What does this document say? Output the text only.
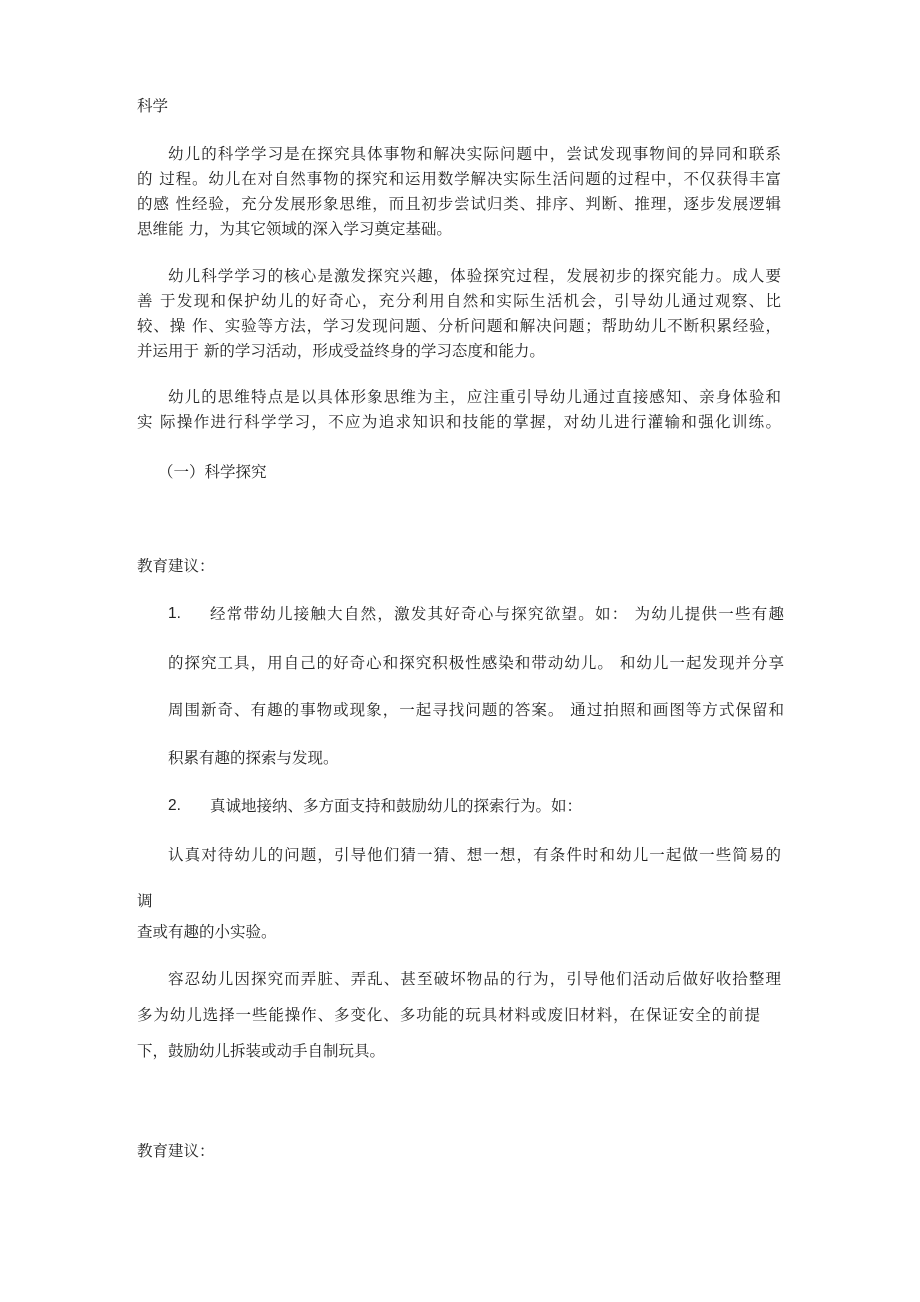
科学
幼儿的科学学习是在探究具体事物和解决实际问题中，尝试发现事物间的异同和联系
的 过程。幼儿在对自然事物的探究和运用数学解决实际生活问题的过程中，不仅获得丰富
的感 性经验，充分发展形象思维，而且初步尝试归类、排序、判断、推理，逐步发展逻辑
思维能 力，为其它领域的深入学习奠定基础。
幼儿科学学习的核心是激发探究兴趣，体验探究过程，发展初步的探究能力。成人要
善 于发现和保护幼儿的好奇心，充分利用自然和实际生活机会，引导幼儿通过观察、比
较、操 作、实验等方法，学习发现问题、分析问题和解决问题；帮助幼儿不断积累经验，
并运用于 新的学习活动，形成受益终身的学习态度和能力。
幼儿的思维特点是以具体形象思维为主，应注重引导幼儿通过直接感知、亲身体验和
实 际操作进行科学学习，不应为追求知识和技能的掌握，对幼儿进行灌输和强化训练。
（一）科学探究
教育建议：
1. 经常带幼儿接触大自然，激发其好奇心与探究欲望。如： 为幼儿提供一些有趣
的探究工具，用自己的好奇心和探究积极性感染和带动幼儿。 和幼儿一起发现并分享
周围新奇、有趣的事物或现象，一起寻找问题的答案。 通过拍照和画图等方式保留和
积累有趣的探索与发现。
2. 真诚地接纳、多方面支持和鼓励幼儿的探索行为。如：
认真对待幼儿的问题，引导他们猜一猜、想一想，有条件时和幼儿一起做一些简易的
调
查或有趣的小实验。
容忍幼儿因探究而弄脏、弄乱、甚至破坏物品的行为，引导他们活动后做好收拾整理
多为幼儿选择一些能操作、多变化、多功能的玩具材料或废旧材料，在保证安全的前提
下，鼓励幼儿拆装或动手自制玩具。
教育建议：
